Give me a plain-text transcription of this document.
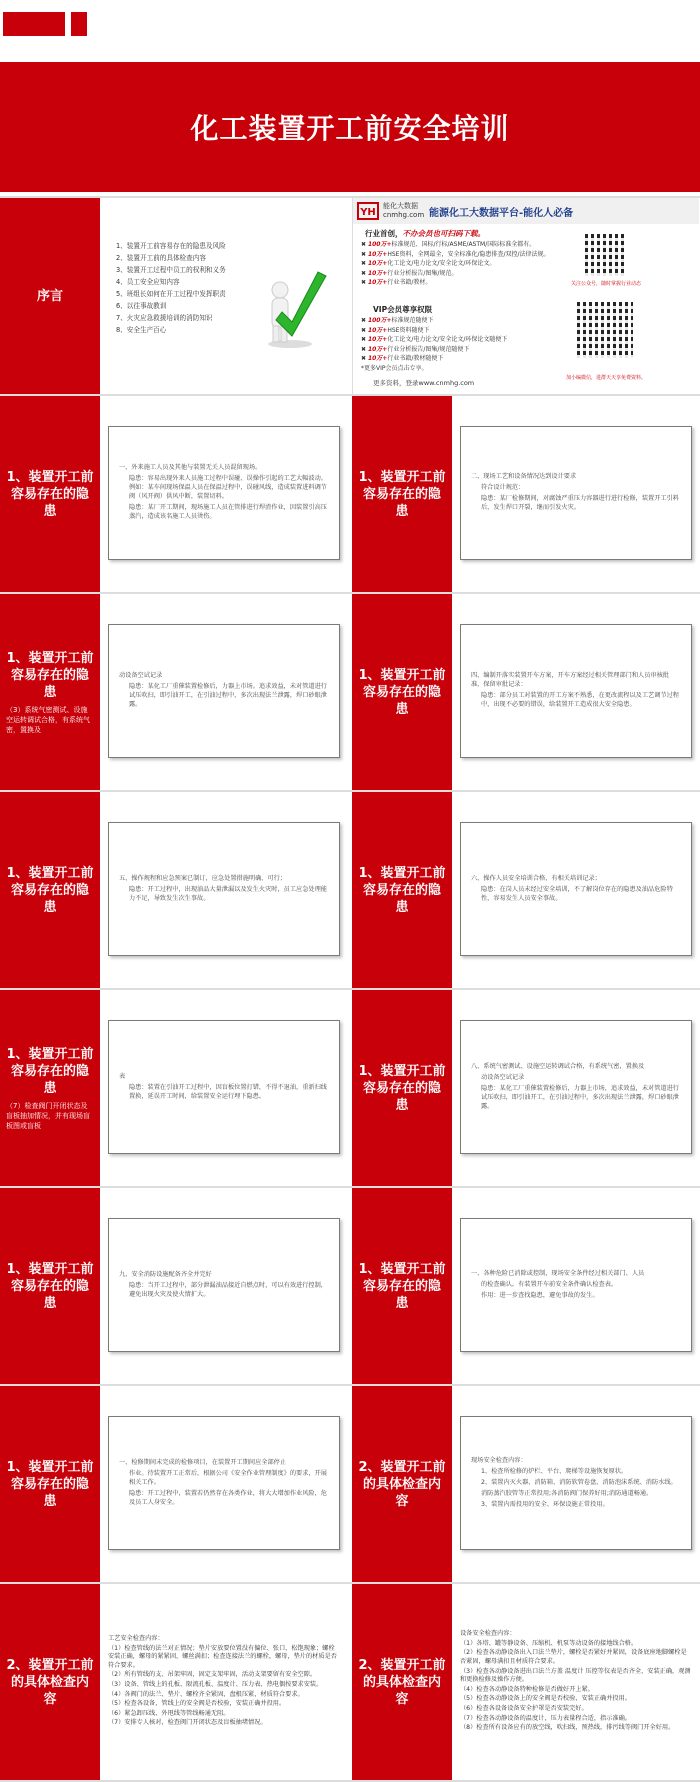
化工装置开工前安全培训
序言
1、装置开工前容易存在的隐患及风险
2、装置开工前的具体检查内容
3、装置开工过程中员工的权利和义务
4、员工安全应知内容
5、班组长如何在开工过程中发挥职责
6、以往事故教训
7、火灾应急救援培训的消防知识
8、安全生产百心
YH
能化大数据
cnmhg.com 能源化工大数据平台-能化人必备
行业首创，不办会员也可扫码下载。
✖ 100万+标准规范、国标/行标/ASME/ASTM/国际标准全都有。
✖ 10万+HSE资料，全网最全，安全标准化/隐患排查/双控/法律法规。
✖ 10万+化工论文/电力论文/安全论文/环保论文。
✖ 10万+行业分析报告/图集/规范。
✖ 10万+行业书籍/教材。
VIP会员尊享权限
✖ 100万+标准规范随便下
✖ 10万+HSE资料随便下
✖ 10万+化工论文/电力论文/安全论文/环保论文随便下
✖ 10万+行业分析报告/图集/规范随便下
✖ 10万+行业书籍/教材随便下
*更多VIP会员点击专享。
更多资料，登录www.cnmhg.com
关注公众号，随时掌握行业动态
加小编微信，进群天天享免费资料。
1、装置开工前容易存在的隐患

一、外来施工人员及其他与装置无关人员混留现场。

隐患：容易出现外来人员施工过程中误碰、误操作引起的工艺大幅波动。例如：某车间现场保温人员在保温过程中，误碰风线，造成装置进料调节阀（风开阀）供风中断，装置切料。

隐患：某厂开工期间，现场施工人员在管排进行焊渣作业，因装置引高压蒸汽，造成该名施工人员烫伤。

1、装置开工前容易存在的隐患

二、现场工艺和设备情况达到设计要求

符合设计规范：

隐患：某厂检修期间，对腐蚀严重压力容器进行进行检修，装置开工引料后，发生焊口开裂，继而引发火灾。

1、装置开工前容易存在的隐患
（3）系统气密测试、设施空运转调试合格，有系统气密，置换及

动设备空试记录

隐患：某化工厂重催装置检修后，力器上市场。追求效益，未对管道进行试压吹扫，即引油开工，在引油过程中，多次出现法兰泄露，焊口砂眼泄露。

1、装置开工前容易存在的隐患

四、编制开落实装置开车方案，开车方案经过相关管理部门和人员审核批准，保留审批记录：

隐患：部分员工对装置的开工方案不熟悉，在更改流程以及工艺调节过程中，出现不必要的错误，给装置开工造成很大安全隐患。

1、装置开工前容易存在的隐患

五、操作规程和应急预案已制订，应急处置措施明确、可行；

隐患：开工过程中，出现油品大量泄漏以及发生火灾时，员工应急处理能力不足，导致发生次生事故。

1、装置开工前容易存在的隐患

六、操作人员安全培训合格，有相关培训记录；

隐患：在岗人员未经过安全培训，不了解岗位存在的隐患及油品危险特性，容易发生人员安全事故。

1、装置开工前容易存在的隐患
（7）检查阀门开闭状态及盲板抽加情况，并有现场盲板图或盲板

表

隐患：装置在引油开工过程中，因盲板位置打错，不得不退油，重新扫线置换，延误开工时间，给装置安全运行埋下隐患。

1、装置开工前容易存在的隐患

八、系统气密测试、设施空运转调试合格，有系统气密，置换及

动设备空试记录

隐患：某化工厂重催装置检修后，力器上市场，追求效益，未对管道进行试压吹扫，即引油开工，在引油过程中，多次出现法兰泄露，焊口砂眼泄露。

1、装置开工前容易存在的隐患

九、安全消防设施配备齐全并完好

隐患：当开工过程中，部分泄漏油品接近自燃点时，可以有效进行控制，避免出现火灾及使火情扩大。

1、装置开工前容易存在的隐患

一、各种危险已消除或控制，现场安全条件经过相关部门、人员

的检查确认。有装置开车前安全条件确认检查表。

作用：进一步查找隐患，避免事故的发生。

1、装置开工前容易存在的隐患

一、检修期间未完成的检修项目，在装置开工期间应全部停止

作业。待装置开工正常后，根据公司《安全作业管理制度》的要求，开展相关工作。

隐患：开工过程中，装置若仍然存在各类作业，将大大增加作业风险，危及员工人身安全。

2、装置开工前的具体检查内容

现场安全检查内容：

1、检查所检修的炉栏、平台、爬梯等设施恢复原状。

2、装置内灭火器、消防箱、消防软管卷盘、消防泡沫系统、消防水线。

消防蒸汽胶管等正常投用;各消防阀门保养好用;消防通道畅通。

3、装置内需投用的安全、环保设施正常投用。

2、装置开工前的具体检查内容

工艺安全检查内容：

（1）检查管线的法兰对正情况；垫片安放要位置没有偏位、张口，松饱现象；螺栓安装正确，螺母的紧紧固，螺丝满扣；检查连接法兰的螺栓，螺母，垫片的材质是否符合要求。

（2）所有管线的支、吊架牢固，固定支架牢固，活动支架要留有安全空隙。

（3）设备、管线上的孔板、限流孔板、温度计、压力表、热电偶按要求安装。

（4）各阀门的法兰、垫片、螺栓齐全紧固，盘根压紧，材质符合要求。

（5）检查各设备，管线上的安全阀是否校验，安装正确并投用。

（6）紧急卸压线、外甩线等管线畅通无阻。

（7）安排专人核对，检查阀门开闭状态及盲板抽堵情况。

2、装置开工前的具体检查内容

设备安全检查内容：

（1）各塔、罐等静设备、压缩机、机泵等动设备的接地线合格。

（2）检查各动静设备出入口法兰垫片，螺栓是否紧好并紧固，设备底座地脚螺栓是否紧固，螺母满扣且材质符合要求。

（3）检查各动静设备进出口法兰方盖 温度计 压控等仪表是否齐全、安装正确，观测和更换检修及操作方便。

（4）检查各动静设备特种检修是否做好开上紧。

（5）检查各动静设备上的安全阀是否校验，安装正确并投用。

（6）检查各设备设备安全护罩是否安装完好。

（7）检查各动静设备的温度计，压力表量程合适，指示准确。

（8）检查所有设备应有的放空线，吹扫线，预热线，排污线等阀门开全好用。
